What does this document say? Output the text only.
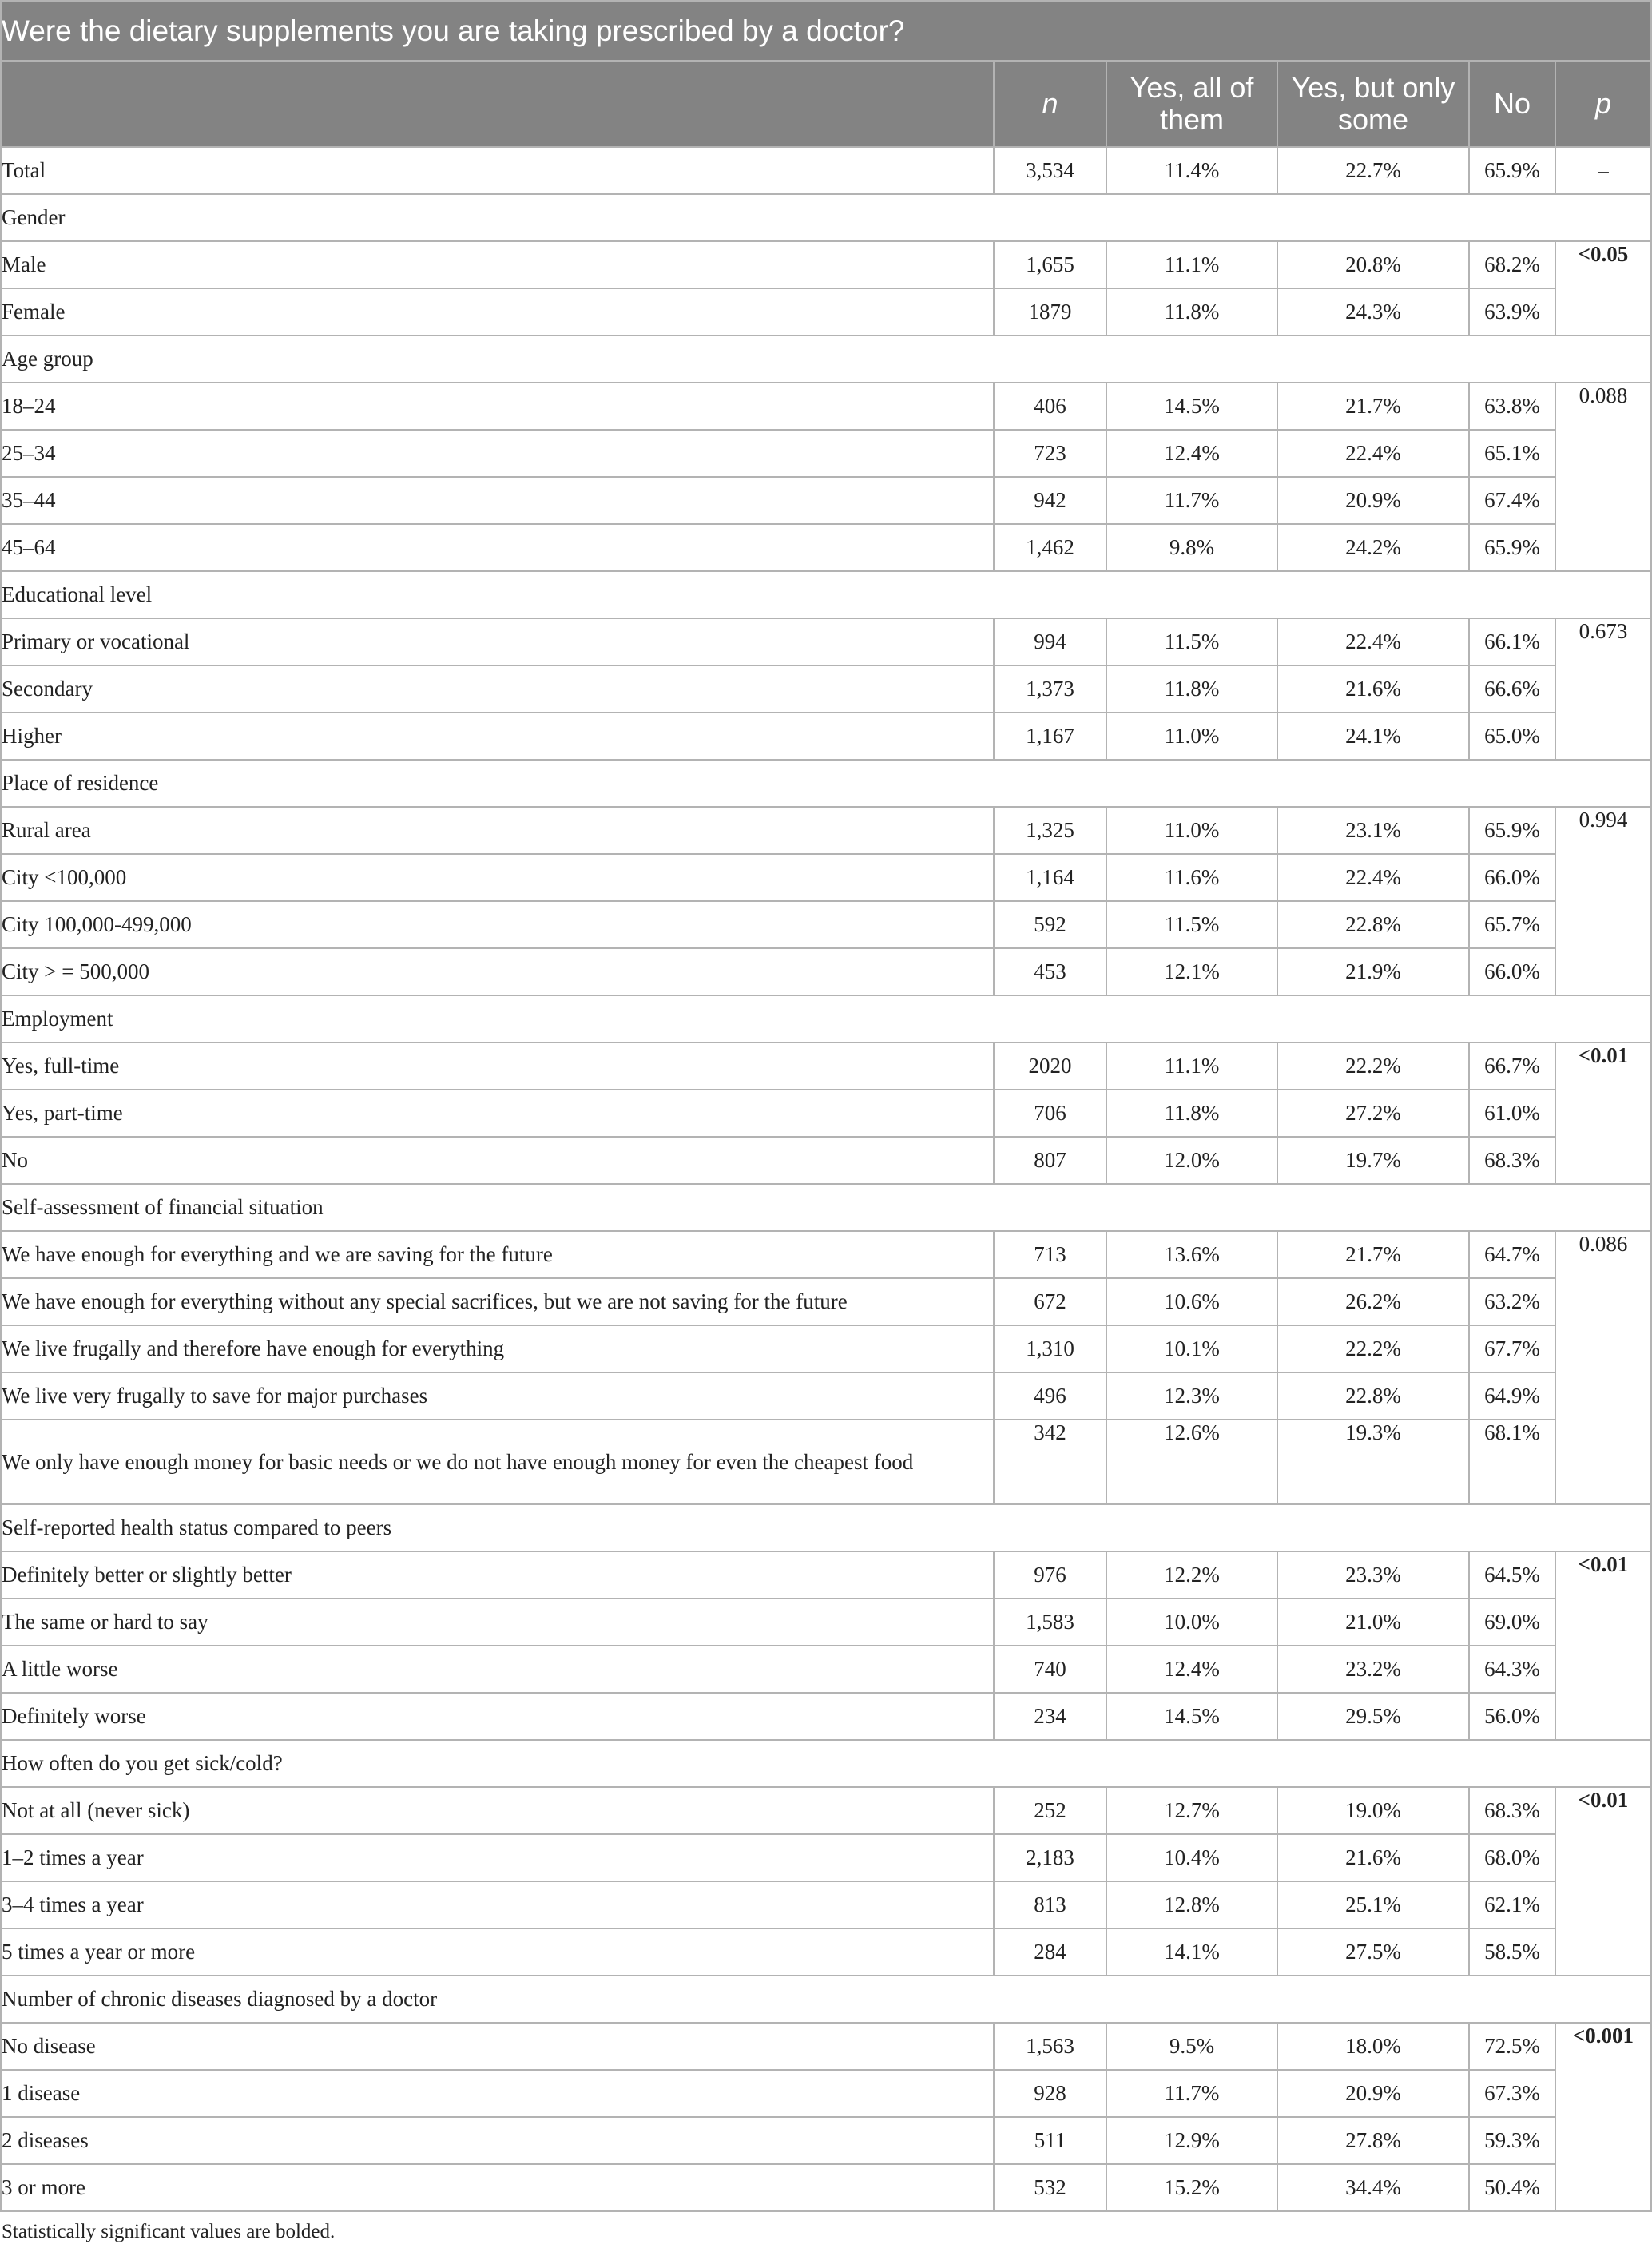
Were the dietary supplements you are taking prescribed by a doctor?					
	n	Yes, all of them	Yes, but only some	No	p
Total	3,534	11.4%	22.7%	65.9%	–
Gender					
Male	1,655	11.1%	20.8%	68.2%	<0.05
Female	1879	11.8%	24.3%	63.9%	
Age group					
18–24	406	14.5%	21.7%	63.8%	0.088
25–34	723	12.4%	22.4%	65.1%	
35–44	942	11.7%	20.9%	67.4%	
45–64	1,462	9.8%	24.2%	65.9%	
Educational level					
Primary or vocational	994	11.5%	22.4%	66.1%	0.673
Secondary	1,373	11.8%	21.6%	66.6%	
Higher	1,167	11.0%	24.1%	65.0%	
Place of residence					
Rural area	1,325	11.0%	23.1%	65.9%	0.994
City <100,000	1,164	11.6%	22.4%	66.0%	
City 100,000-499,000	592	11.5%	22.8%	65.7%	
City > = 500,000	453	12.1%	21.9%	66.0%	
Employment					
Yes, full-time	2020	11.1%	22.2%	66.7%	<0.01
Yes, part-time	706	11.8%	27.2%	61.0%	
No	807	12.0%	19.7%	68.3%	
Self-assessment of financial situation					
We have enough for everything and we are saving for the future	713	13.6%	21.7%	64.7%	0.086
We have enough for everything without any special sacrifices, but we are not saving for the future	672	10.6%	26.2%	63.2%	
We live frugally and therefore have enough for everything	1,310	10.1%	22.2%	67.7%	
We live very frugally to save for major purchases	496	12.3%	22.8%	64.9%	
We only have enough money for basic needs or we do not have enough money for even the cheapest food	342	12.6%	19.3%	68.1%	
Self-reported health status compared to peers					
Definitely better or slightly better	976	12.2%	23.3%	64.5%	<0.01
The same or hard to say	1,583	10.0%	21.0%	69.0%	
A little worse	740	12.4%	23.2%	64.3%	
Definitely worse	234	14.5%	29.5%	56.0%	
How often do you get sick/cold?					
Not at all (never sick)	252	12.7%	19.0%	68.3%	<0.01
1–2 times a year	2,183	10.4%	21.6%	68.0%	
3–4 times a year	813	12.8%	25.1%	62.1%	
5 times a year or more	284	14.1%	27.5%	58.5%	
Number of chronic diseases diagnosed by a doctor					
No disease	1,563	9.5%	18.0%	72.5%	<0.001
1 disease	928	11.7%	20.9%	67.3%	
2 diseases	511	12.9%	27.8%	59.3%	
3 or more	532	15.2%	34.4%	50.4%	
Statistically significant values are bolded.
